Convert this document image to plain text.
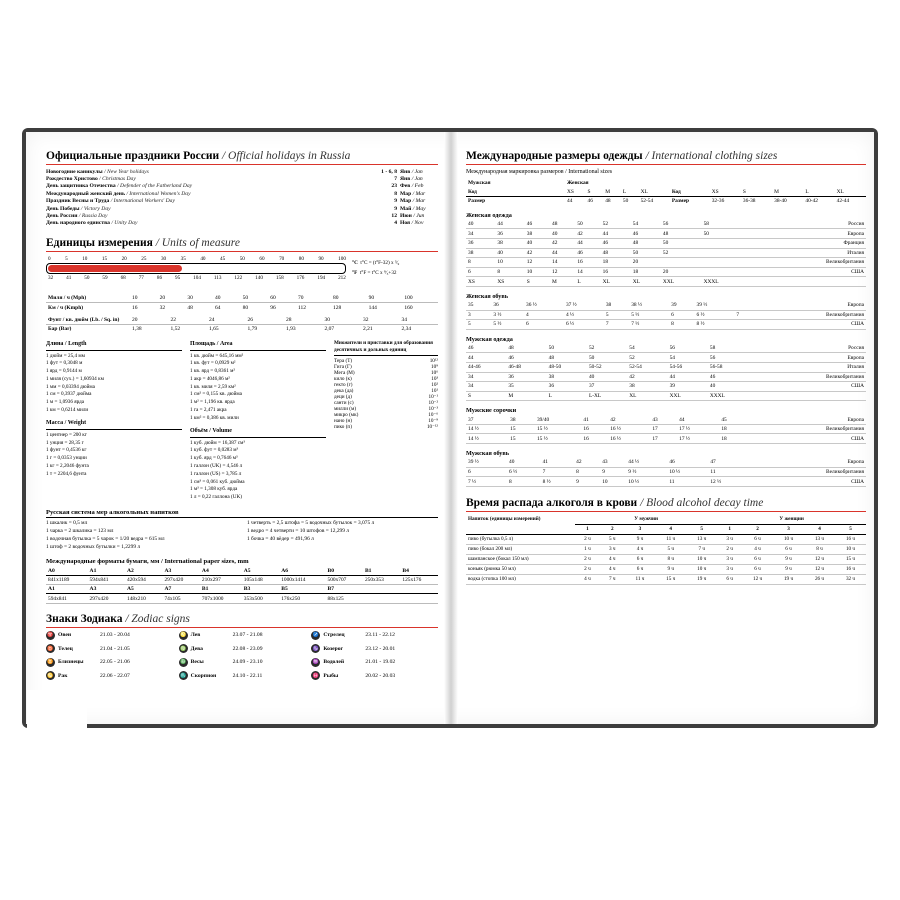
Официальные праздники России / Official holidays in Russia
Новогодние каникулы / New Year holidays	1 - 6, 8	Янв / Jan
Рождество Христово / Christmas Day	7	Янв / Jan
День защитника Отечества / Defender of the Fatherland Day	23	Фев / Feb
Международный женский день / International Women's Day	8	Мар / Mar
Праздник Весны и Труда / International Workers' Day	9	Мар / Mar
День Победы / Victory Day	9	Май / May
День России / Russia Day	12	Июн / Jun
День народного единства / Unity Day	4	Ноя / Nov
Единицы измерения / Units of measure
0	5	10	15	20	25	30	35	40	45	50	60	70	80	90	100
32 41 50 59 68 77 86 95 104 113 122 140 158 176 194 212
°С t°C = (t°F-32) x ⁵⁄₉
°F t°F = t°C x ⁹⁄₅+32
Миля / ч (Mph)	10	20	30	40	50	60	70	80	90	100
Км / ч (Kmph)	16	32	48	64	80	96	112	128	144	160
Фунт / кв. дюйм (Lb. / Sq. in)	20	22	24	26	28	30	32	34
Бар (Bar)	1,38	1,52	1,65	1,79	1,93	2,07	2,21	2,34
Длина / Length
1 дюйм = 25,4 мм
1 фут = 0,3048 м
1 ярд = 0,9144 м
1 миля (сух.) = 1,60934 км
1 мм = 0,03394 дюйма
1 см = 0,3937 дюйма
1 м = 1,0936 ярда
1 км = 0,6214 мили
Масса / Weight
1 центнер = 200 кг
1 унция = 28,35 г
1 фунт = 0,4536 кг
1 г = 0,0353 унции
1 кг = 2,2046 фунта
1 т = 2204,6 фунта
Площадь / Area
1 кв. дюйм = 645,16 мм²
1 кв. фут = 0,0929 м²
1 кв. ярд = 0,8361 м²
1 акр = 4046,86 м²
1 кв. миля = 2,59 км²
1 см² = 0,155 кв. дюйма
1 м² = 1,196 кв. ярда
1 га = 2,471 акра
1 км² = 0,386 кв. мили
Объём / Volume
1 куб. дюйм = 16,387 см³
1 куб. фут = 0,0283 м³
1 куб. ярд = 0,7646 м³
1 галлон (UK) = 4,546 л
1 галлон (US) = 3,785 л
1 см³ = 0,061 куб. дюйма
1 м³ = 1,308 куб. ярда
1 л = 0,22 галлона (UK)
Множители и приставки для образования десятичных и дольных единиц
Тера (Т)	10¹²
Гига (Г)	10⁹
Мега (М)	10⁶
кило (к)	10³
гекто (г)	10²
дека (да)	10¹
деци (д)	10⁻¹
санти (с)	10⁻²
милли (м)	10⁻³
микро (мк)	10⁻⁶
нано (н)	10⁻⁹
пико (п)	10⁻¹²
Русская система мер алкогольных напитков
1 шкалик = 0,5 мл
1 чарка = 2 шкалика = 123 мл
1 водочная бутылка = 5 чарок = 1/20 ведра = 615 мл
1 штоф = 2 водочных бутылки = 1,2299 л
1 четверть = 2,5 штофа = 5 водочных бутылок = 3,075 л
1 ведро = 4 четверти = 10 штофов = 12,299 л
1 бочка = 40 вёдер = 491,96 л
Международные форматы бумаги, мм / International paper sizes, mm
A0	A1	A2	A3	A4	A5	A6	B0	B1	B4
841x1189	594x841	420x594	297x420	210x297	105x148	1000x1414	500x707	250x353	125x176
A1	A3	A5	A7	B1	B3	B5	B7		
594x841	297x420	148x210	74x105	707x1000	353x500	176x250	88x125		
Знаки Зодиака / Zodiac signs
♈ Овен	21.03 - 20.04
♉ Телец	21.04 - 21.05
♊ Близнецы	22.05 - 21.06
♋ Рак	22.06 - 22.07
♌ Лев	23.07 - 21.08
♍ Дева	22.08 - 23.09
♎ Весы	24.09 - 23.10
♏ Скорпион	24.10 - 22.11
♐ Стрелец	23.11 - 22.12
♑ Козерог	23.12 - 20.01
♒ Водолей	21.01 - 19.02
♓ Рыбы	20.02 - 20.03
Международные размеры одежды / International clothing sizes
Международная маркировка размеров / International sizes
Мужская	Женская										
Код	XS	S	M	L	XL	Код	XS	S	M	L	XL
Размер	44	46	48	50	52-54	Размер	32-36	36-38	38-40	40-42	42-44
Женская одежда
40	44	46	48	50	52	54	56	58	Россия
34	36	38	40	42	44	46	48	50	Европа
36	38	40	42	44	46	48	50		Франция
38	40	42	44	46	48	50	52		Италия
8	10	12	14	16	18	20			Великобритания
6	8	10	12	14	16	18	20		США
XS	XS	S	M	L	XL	XL	XXL	XXXL	
Женская обувь
35	36	36 ½	37 ½	38	38 ½	39	39 ½		Европа
3	3 ½	4	4 ½	5	5 ½	6	6 ½	7	Великобритания
5	5 ½	6	6 ½	7	7 ½	8	8 ½		США
Мужская одежда
46	48	50	52	54	56	58		Россия
44	46	48	50	52	54	56		Европа
44-46	46-48	48-50	50-52	52-54	54-56	56-58		Италия
34	36	38	40	42	44	46		Великобритания
34	35	36	37	38	39	40		США
S	M	L	L-XL	XL	XXL	XXXL		
Мужские сорочки
37	38	39/40	41	42	43	44	45	Европа
14 ½	15	15 ½	16	16 ½	17	17 ½	18	Великобритания
14 ½	15	15 ½	16	16 ½	17	17 ½	18	США
Мужская обувь
39 ½	40	41	42	43	44 ½	46	47	Европа
6	6 ½	7	8	9	9 ½	10 ½	11	Великобритания
7 ½	8	8 ½	9	10	10 ½	11	12 ½	США
Время распада алкоголя в крови / Blood alcohol decay time
Напиток (единицы измерений)	У мужчин					У женщин				
	1	2	3	4	5	1	2	3	4	5
пиво (бутылка 0,5 л)	2 ч	5 ч	9 ч	11 ч	13 ч	3 ч	6 ч	10 ч	13 ч	16 ч
пиво (бокал 200 мл)	1 ч	3 ч	4 ч	5 ч	7 ч	2 ч	4 ч	6 ч	8 ч	10 ч
шампанское (бокал 150 мл)	2 ч	4 ч	6 ч	8 ч	10 ч	3 ч	6 ч	9 ч	12 ч	15 ч
коньяк (рюмка 50 мл)	2 ч	4 ч	6 ч	9 ч	10 ч	3 ч	6 ч	9 ч	12 ч	16 ч
водка (стопка 100 мл)	4 ч	7 ч	11 ч	15 ч	19 ч	6 ч	12 ч	19 ч	26 ч	32 ч
